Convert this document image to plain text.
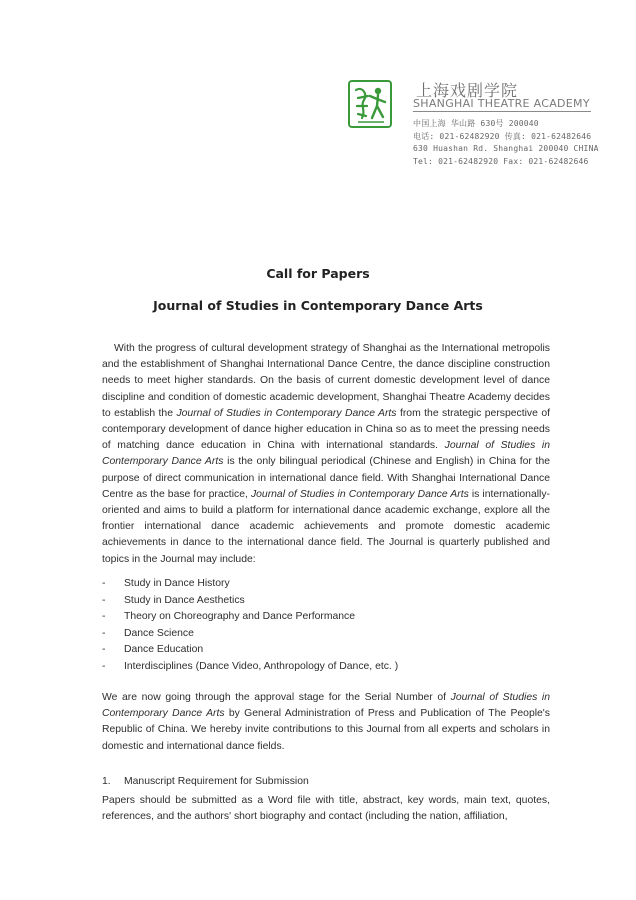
上海戏剧学院
SHANGHAI THEATRE ACADEMY
中国上海 华山路 630号 200040
电话: 021-62482920 传真: 021-62482646
630 Huashan Rd. Shanghai 200040 CHINA
Tel: 021-62482920 Fax: 021-62482646
Call for Papers
Journal of Studies in Contemporary Dance Arts
With the progress of cultural development strategy of Shanghai as the International metropolis and the establishment of Shanghai International Dance Centre, the dance discipline construction needs to meet higher standards. On the basis of current domestic development level of dance discipline and condition of domestic academic development, Shanghai Theatre Academy decides to establish the Journal of Studies in Contemporary Dance Arts from the strategic perspective of contemporary development of dance higher education in China so as to meet the pressing needs of matching dance education in China with international standards. Journal of Studies in Contemporary Dance Arts is the only bilingual periodical (Chinese and English) in China for the purpose of direct communication in international dance field. With Shanghai International Dance Centre as the base for practice, Journal of Studies in Contemporary Dance Arts is internationally-oriented and aims to build a platform for international dance academic exchange, explore all the frontier international dance academic achievements and promote domestic academic achievements in dance to the international dance field. The Journal is quarterly published and topics in the Journal may include:
- Study in Dance History
- Study in Dance Aesthetics
- Theory on Choreography and Dance Performance
- Dance Science
- Dance Education
- Interdisciplines (Dance Video, Anthropology of Dance, etc. )
We are now going through the approval stage for the Serial Number of Journal of Studies in Contemporary Dance Arts by General Administration of Press and Publication of The People's Republic of China. We hereby invite contributions to this Journal from all experts and scholars in domestic and international dance fields.
1. Manuscript Requirement for Submission
Papers should be submitted as a Word file with title, abstract, key words, main text, quotes, references, and the authors' short biography and contact (including the nation, affiliation,
